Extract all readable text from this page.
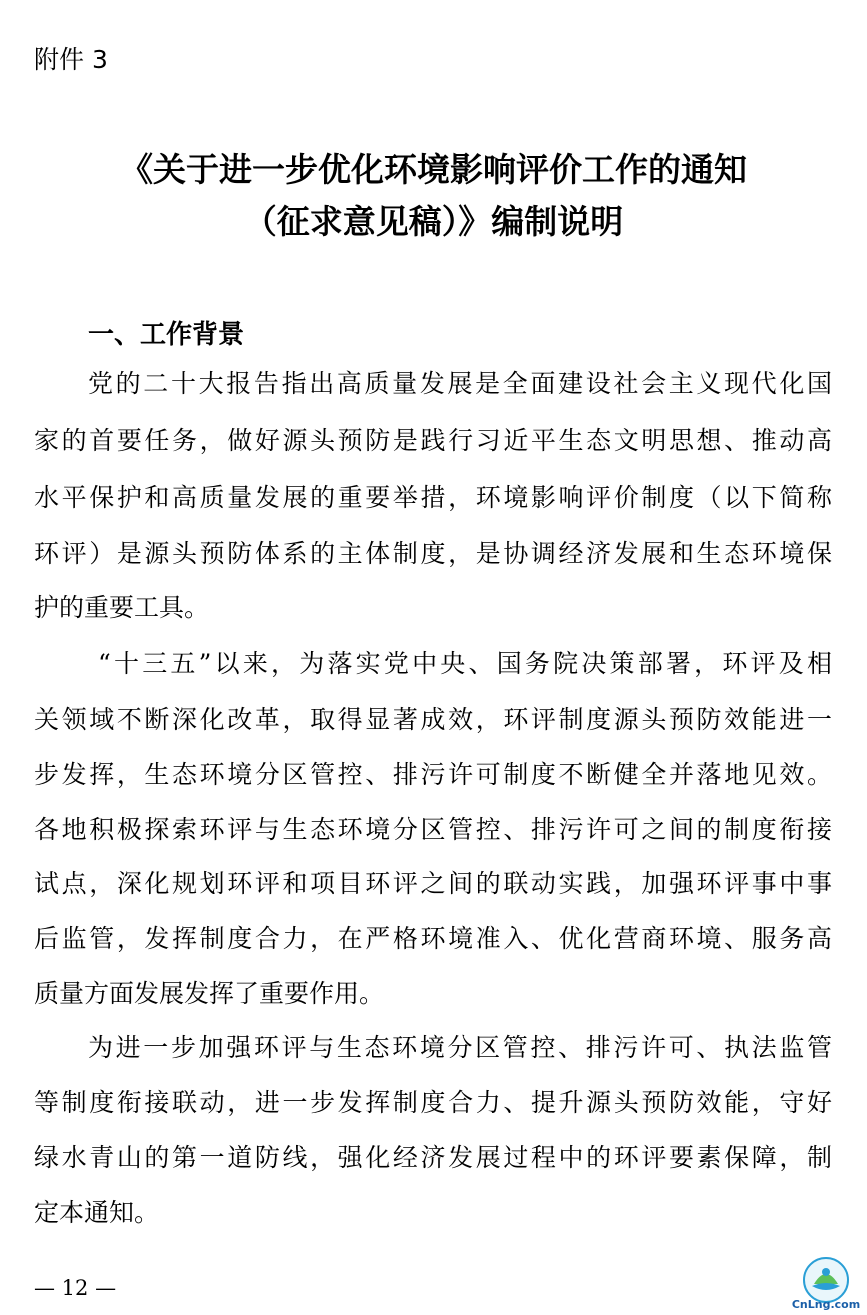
附件 3
《关于进一步优化环境影响评价工作的通知
（征求意见稿）》编制说明
一、工作背景
党的二十大报告指出高质量发展是全面建设社会主义现代化国
家的首要任务，做好源头预防是践行习近平生态文明思想、推动高
水平保护和高质量发展的重要举措，环境影响评价制度（以下简称
环评）是源头预防体系的主体制度，是协调经济发展和生态环境保
护的重要工具。
“十三五”以来，为落实党中央、国务院决策部署，环评及相
关领域不断深化改革，取得显著成效，环评制度源头预防效能进一
步发挥，生态环境分区管控、排污许可制度不断健全并落地见效。
各地积极探索环评与生态环境分区管控、排污许可之间的制度衔接
试点，深化规划环评和项目环评之间的联动实践，加强环评事中事
后监管，发挥制度合力，在严格环境准入、优化营商环境、服务高
质量方面发展发挥了重要作用。
为进一步加强环评与生态环境分区管控、排污许可、执法监管
等制度衔接联动，进一步发挥制度合力、提升源头预防效能，守好
绿水青山的第一道防线，强化经济发展过程中的环评要素保障，制
定本通知。
— 12 —
CnLng.com
